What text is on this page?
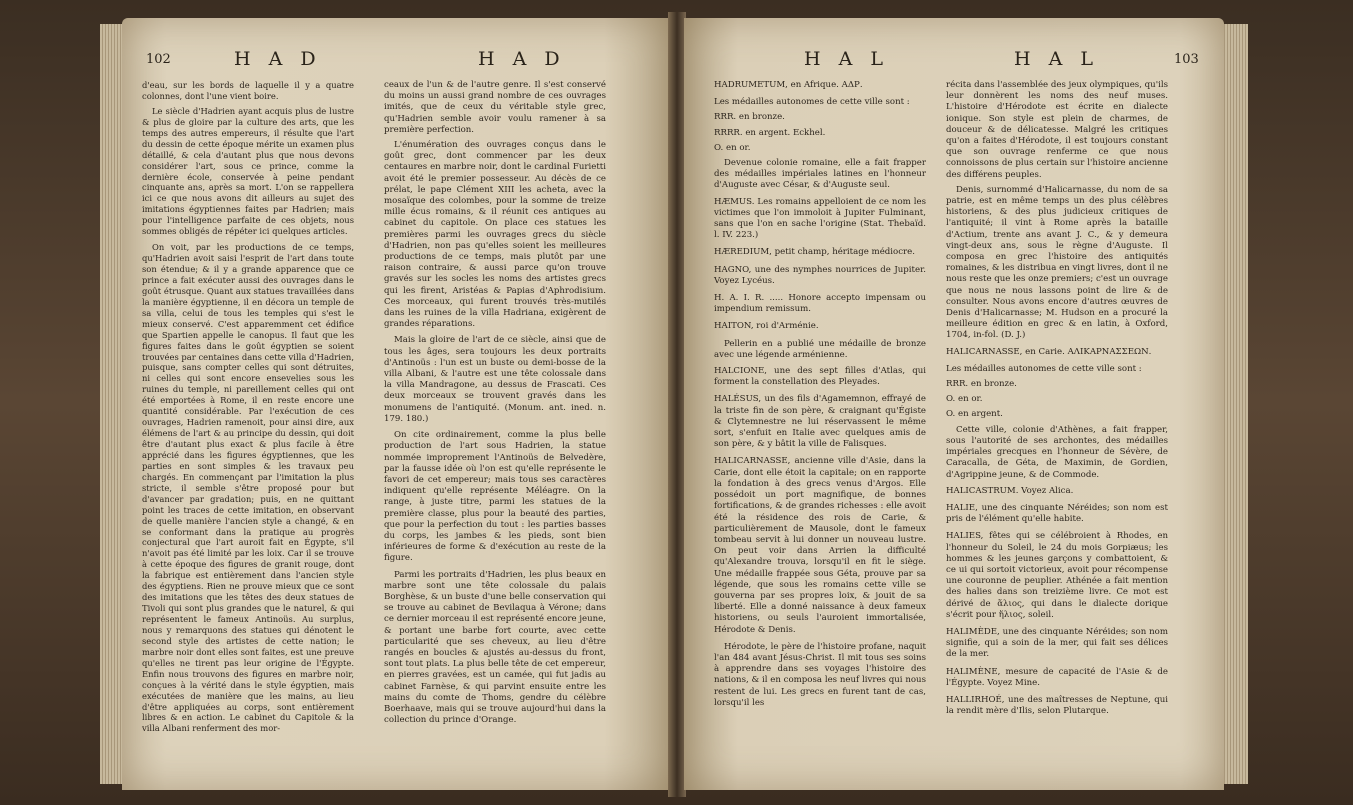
102	H A D	H A D

d'eau, sur les bords de laquelle il y a quatre colonnes, dont l'une vient boire.

Le siècle d'Hadrien ayant acquis plus de lustre & plus de gloire par la culture des arts, que les temps des autres empereurs, il résulte que l'art du dessin de cette époque mérite un examen plus détaillé, & cela d'autant plus que nous devons considérer l'art, sous ce prince, comme la dernière école, conservée à peine pendant cinquante ans, après sa mort. L'on se rappellera ici ce que nous avons dit ailleurs au sujet des imitations égyptiennes faites par Hadrien; mais pour l'intelligence parfaite de ces objets, nous sommes obligés de répéter ici quelques articles.

On voit, par les productions de ce temps, qu'Hadrien avoit saisi l'esprit de l'art dans toute son étendue; & il y a grande apparence que ce prince a fait exécuter aussi des ouvrages dans le goût étrusque. Quant aux statues travaillées dans la manière égyptienne, il en décora un temple de sa villa, celui de tous les temples qui s'est le mieux conservé. C'est apparemment cet édifice que Spartien appelle le canopus. Il faut que les figures faites dans le goût égyptien se soient trouvées par centaines dans cette villa d'Hadrien, puisque, sans compter celles qui sont détruites, ni celles qui sont encore ensevelies sous les ruines du temple, ni pareillement celles qui ont été emportées à Rome, il en reste encore une quantité considérable. Par l'exécution de ces ouvrages, Hadrien ramenoit, pour ainsi dire, aux élémens de l'art & au principe du dessin, qui doit être d'autant plus exact & plus facile à être apprécié dans les figures égyptiennes, que les parties en sont simples & les travaux peu chargés. En commençant par l'imitation la plus stricte, il semble s'être proposé pour but d'avancer par gradation; puis, en ne quittant point les traces de cette imitation, en observant de quelle manière l'ancien style a changé, & en se conformant dans la pratique au progrès conjectural que l'art auroit fait en Égypte, s'il n'avoit pas été limité par les loix. Car il se trouve à cette époque des figures de granit rouge, dont la fabrique est entièrement dans l'ancien style des égyptiens. Rien ne prouve mieux que ce sont des imitations que les têtes des deux statues de Tivoli qui sont plus grandes que le naturel, & qui représentent le fameux Antinoüs. Au surplus, nous y remarquons des statues qui dénotent le second style des artistes de cette nation; le marbre noir dont elles sont faites, est une preuve qu'elles ne tirent pas leur origine de l'Égypte. Enfin nous trouvons des figures en marbre noir, conçues à la vérité dans le style égyptien, mais exécutées de manière que les mains, au lieu d'être appliquées au corps, sont entièrement libres & en action. Le cabinet du Capitole & la villa Albani renferment des mor-

ceaux de l'un & de l'autre genre. Il s'est conservé du moins un aussi grand nombre de ces ouvrages imités, que de ceux du véritable style grec, qu'Hadrien semble avoir voulu ramener à sa première perfection.

L'énumération des ouvrages conçus dans le goût grec, dont commencer par les deux centaures en marbre noir, dont le cardinal Furietti avoit été le premier possesseur. Au décès de ce prélat, le pape Clément XIII les acheta, avec la mosaïque des colombes, pour la somme de treize mille écus romains, & il réunit ces antiques au cabinet du capitole. On place ces statues les premières parmi les ouvrages grecs du siècle d'Hadrien, non pas qu'elles soient les meilleures productions de ce temps, mais plutôt par une raison contraire, & aussi parce qu'on trouve gravés sur les socles les noms des artistes grecs qui les firent, Aristéas & Papias d'Aphrodisium. Ces morceaux, qui furent trouvés très-mutilés dans les ruines de la villa Hadriana, exigèrent de grandes réparations.

Mais la gloire de l'art de ce siècle, ainsi que de tous les âges, sera toujours les deux portraits d'Antinoüs : l'un est un buste ou demi-bosse de la villa Albani, & l'autre est une tête colossale dans la villa Mandragone, au dessus de Frascati. Ces deux morceaux se trouvent gravés dans les monumens de l'antiquité. (Monum. ant. ined. n. 179. 180.)

On cite ordinairement, comme la plus belle production de l'art sous Hadrien, la statue nommée improprement l'Antinoüs de Belvedère, par la fausse idée où l'on est qu'elle représente le favori de cet empereur; mais tous ses caractères indiquent qu'elle représente Méléagre. On la range, à juste titre, parmi les statues de la première classe, plus pour la beauté des parties, que pour la perfection du tout : les parties basses du corps, les jambes & les pieds, sont bien inférieures de forme & d'exécution au reste de la figure.

Parmi les portraits d'Hadrien, les plus beaux en marbre sont une tête colossale du palais Borghèse, & un buste d'une belle conservation qui se trouve au cabinet de Bevilaqua à Vérone; dans ce dernier morceau il est représenté encore jeune, & portant une barbe fort courte, avec cette particularité que ses cheveux, au lieu d'être rangés en boucles & ajustés au-dessus du front, sont tout plats. La plus belle tête de cet empereur, en pierres gravées, est un camée, qui fut jadis au cabinet Farnèse, & qui parvint ensuite entre les mains du comte de Thoms, gendre du célèbre Boerhaave, mais qui se trouve aujourd'hui dans la collection du prince d'Orange.

H A L	H A L	103

HADRUMETUM, en Afrique. ΑΔΡ.

Les médailles autonomes de cette ville sont :

RRR. en bronze.

RRRR. en argent. Eckhel.

O. en or.

Devenue colonie romaine, elle a fait frapper des médailles impériales latines en l'honneur d'Auguste avec César, & d'Auguste seul.

HÆMUS. Les romains appelloient de ce nom les victimes que l'on immoloit à Jupiter Fulminant, sans que l'on en sache l'origine (Stat. Thebaïd. l. IV. 223.)

HÆREDIUM, petit champ, héritage médiocre.

HAGNO, une des nymphes nourrices de Jupiter. Voyez Lycéus.

H. A. I. R. ..... Honore accepto impensam ou impendium remissum.

HAITON, roi d'Arménie.

Pellerin en a publié une médaille de bronze avec une légende arménienne.

HALCIONE, une des sept filles d'Atlas, qui forment la constellation des Pleyades.

HALÉSUS, un des fils d'Agamemnon, effrayé de la triste fin de son père, & craignant qu'Égiste & Clytemnestre ne lui réservassent le même sort, s'enfuit en Italie avec quelques amis de son père, & y bâtit la ville de Falisques.

HALICARNASSE, ancienne ville d'Asie, dans la Carie, dont elle étoit la capitale; on en rapporte la fondation à des grecs venus d'Argos. Elle possédoit un port magnifique, de bonnes fortifications, & de grandes richesses : elle avoit été la résidence des rois de Carie, & particulièrement de Mausole, dont le fameux tombeau servit à lui donner un nouveau lustre. On peut voir dans Arrien la difficulté qu'Alexandre trouva, lorsqu'il en fit le siège. Une médaille frappée sous Géta, prouve par sa légende, que sous les romains cette ville se gouverna par ses propres loix, & jouit de sa liberté. Elle a donné naissance à deux fameux historiens, ou seuls l'auroient immortalisée, Hérodote & Denis.

Hérodote, le père de l'histoire profane, naquit l'an 484 avant Jésus-Christ. Il mit tous ses soins à apprendre dans ses voyages l'histoire des nations, & il en composa les neuf livres qui nous restent de lui. Les grecs en furent tant de cas, lorsqu'il les

récita dans l'assemblée des jeux olympiques, qu'ils leur donnèrent les noms des neuf muses. L'histoire d'Hérodote est écrite en dialecte ionique. Son style est plein de charmes, de douceur & de délicatesse. Malgré les critiques qu'on a faites d'Hérodote, il est toujours constant que son ouvrage renferme ce que nous connoissons de plus certain sur l'histoire ancienne des différens peuples.

Denis, surnommé d'Halicarnasse, du nom de sa patrie, est en même temps un des plus célèbres historiens, & des plus judicieux critiques de l'antiquité; il vint à Rome après la bataille d'Actium, trente ans avant J. C., & y demeura vingt-deux ans, sous le règne d'Auguste. Il composa en grec l'histoire des antiquités romaines, & les distribua en vingt livres, dont il ne nous reste que les onze premiers; c'est un ouvrage que nous ne nous lassons point de lire & de consulter. Nous avons encore d'autres œuvres de Denis d'Halicarnasse; M. Hudson en a procuré la meilleure édition en grec & en latin, à Oxford, 1704, in-fol. (D. J.)

HALICARNASSE, en Carie. ΑΛΙΚΑΡΝΑΣΣΕΩΝ.

Les médailles autonomes de cette ville sont :

RRR. en bronze.

O. en or.

O. en argent.

Cette ville, colonie d'Athènes, a fait frapper, sous l'autorité de ses archontes, des médailles impériales grecques en l'honneur de Sévère, de Caracalla, de Géta, de Maximin, de Gordien, d'Agrippine jeune, & de Commode.

HALICASTRUM. Voyez Alica.

HALIE, une des cinquante Néréides; son nom est pris de l'élément qu'elle habite.

HALIES, fêtes qui se célébroient à Rhodes, en l'honneur du Soleil, le 24 du mois Gorpiæus; les hommes & les jeunes garçons y combattoient, & ce ui qui sortoit victorieux, avoit pour récompense une couronne de peuplier. Athénée a fait mention des halies dans son treizième livre. Ce mot est dérivé de ἅλιος, qui dans le dialecte dorique s'écrit pour ἥλιος, soleil.

HALIMÈDE, une des cinquante Néréides; son nom signifie, qui a soin de la mer, qui fait ses délices de la mer.

HALIMÈNE, mesure de capacité de l'Asie & de l'Égypte. Voyez Mine.

HALLIRHOÉ, une des maîtresses de Neptune, qui la rendit mère d'Ilis, selon Plutarque.
